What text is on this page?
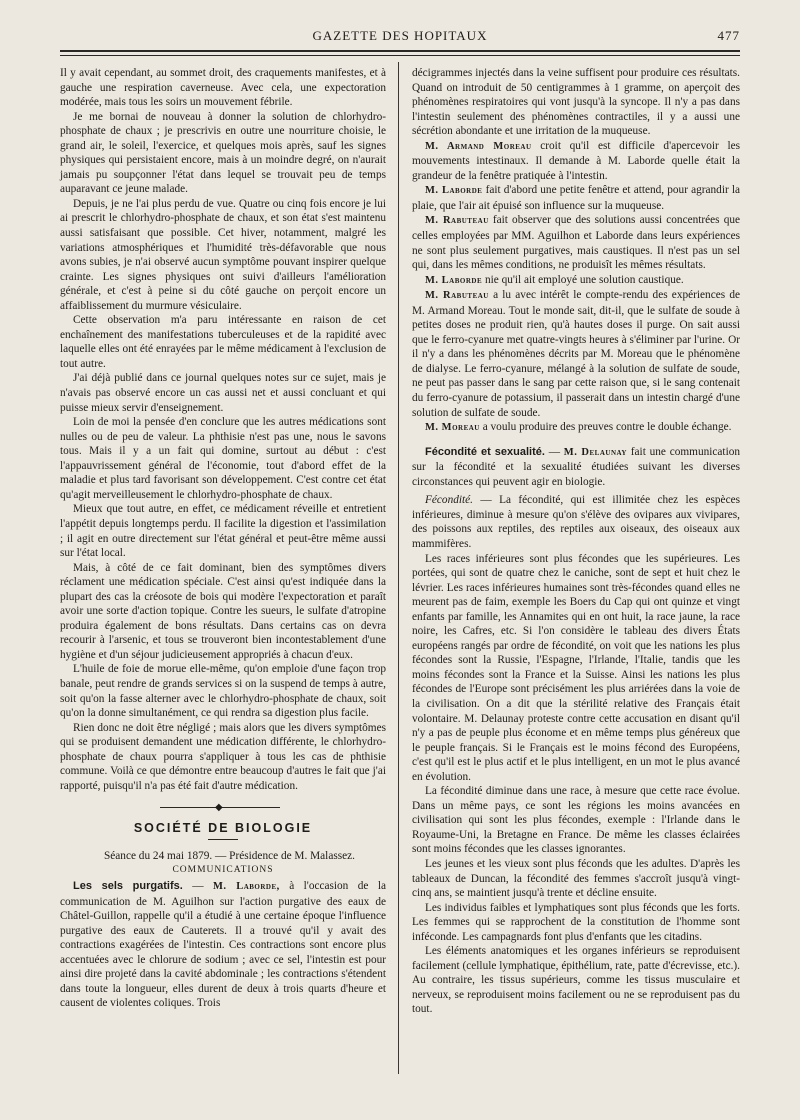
GAZETTE DES HOPITAUX	477

Il y avait cependant, au sommet droit, des craquements manifestes, et à gauche une respiration caverneuse. Avec cela, une expectoration modérée, mais tous les soirs un mouvement fébrile.

Je me bornai de nouveau à donner la solution de chlorhydro-phosphate de chaux ; je prescrivis en outre une nourriture choisie, le grand air, le soleil, l'exercice, et quelques mois après, sauf les signes physiques qui persistaient encore, mais à un moindre degré, on n'aurait jamais pu soupçonner l'état dans lequel se trouvait peu de temps auparavant ce jeune malade.

Depuis, je ne l'ai plus perdu de vue. Quatre ou cinq fois encore je lui ai prescrit le chlorhydro-phosphate de chaux, et son état s'est maintenu aussi satisfaisant que possible. Cet hiver, notamment, malgré les variations atmosphériques et l'humidité très-défavorable que nous avons subies, je n'ai observé aucun symptôme pouvant inspirer quelque crainte. Les signes physiques ont suivi d'ailleurs l'amélioration générale, et c'est à peine si du côté gauche on perçoit encore un affaiblissement du murmure vésiculaire.

Cette observation m'a paru intéressante en raison de cet enchaînement des manifestations tuberculeuses et de la rapidité avec laquelle elles ont été enrayées par le même médicament à l'exclusion de tout autre.

J'ai déjà publié dans ce journal quelques notes sur ce sujet, mais je n'avais pas observé encore un cas aussi net et aussi concluant et qui puisse mieux servir d'enseignement.

Loin de moi la pensée d'en conclure que les autres médications sont nulles ou de peu de valeur. La phthisie n'est pas une, nous le savons tous. Mais il y a un fait qui domine, surtout au début : c'est l'appauvrissement général de l'économie, tout d'abord effet de la maladie et plus tard favorisant son développement. C'est contre cet état qu'agit merveilleusement le chlorhydro-phosphate de chaux.

Mieux que tout autre, en effet, ce médicament réveille et entretient l'appétit depuis longtemps perdu. Il facilite la digestion et l'assimilation ; il agit en outre directement sur l'état général et peut-être même aussi sur l'état local.

Mais, à côté de ce fait dominant, bien des symptômes divers réclament une médication spéciale. C'est ainsi qu'est indiquée dans la plupart des cas la créosote de bois qui modère l'expectoration et paraît avoir une sorte d'action topique. Contre les sueurs, le sulfate d'atropine produira également de bons résultats. Dans certains cas on devra recourir à l'arsenic, et tous se trouveront bien incontestablement d'une hygiène et d'un séjour judicieusement appropriés à chacun d'eux.

L'huile de foie de morue elle-même, qu'on emploie d'une façon trop banale, peut rendre de grands services si on la suspend de temps à autre, soit qu'on la fasse alterner avec le chlorhydro-phosphate de chaux, soit qu'on la donne simultanément, ce qui rendra sa digestion plus facile.

Rien donc ne doit être négligé ; mais alors que les divers symptômes qui se produisent demandent une médication différente, le chlorhydro-phosphate de chaux pourra s'appliquer à tous les cas de phthisie commune. Voilà ce que démontre entre beaucoup d'autres le fait que j'ai rapporté, puisqu'il n'a pas été fait d'autre médication.

◆
SOCIÉTÉ DE BIOLOGIE

Séance du 24 mai 1879. — Présidence de M. Malassez.

COMMUNICATIONS

Les sels purgatifs. — M. Laborde, à l'occasion de la communication de M. Aguilhon sur l'action purgative des eaux de Châtel-Guillon, rappelle qu'il a étudié à une certaine époque l'influence purgative des eaux de Cauterets. Il a trouvé qu'il y avait des contractions exagérées de l'intestin. Ces contractions sont encore plus accentuées avec le chlorure de sodium ; avec ce sel, l'intestin est pour ainsi dire projeté dans la cavité abdominale ; les contractions s'étendent dans toute la longueur, elles durent de deux à trois quarts d'heure et causent de violentes coliques. Trois

décigrammes injectés dans la veine suffisent pour produire ces résultats. Quand on introduit de 50 centigrammes à 1 gramme, on aperçoit des phénomènes respiratoires qui vont jusqu'à la syncope. Il n'y a pas dans l'intestin seulement des phénomènes contractiles, il y a aussi une sécrétion abondante et une irritation de la muqueuse.

M. Armand Moreau croit qu'il est difficile d'apercevoir les mouvements intestinaux. Il demande à M. Laborde quelle était la grandeur de la fenêtre pratiquée à l'intestin.

M. Laborde fait d'abord une petite fenêtre et attend, pour agrandir la plaie, que l'air ait épuisé son influence sur la muqueuse.

M. Rabuteau fait observer que des solutions aussi concentrées que celles employées par MM. Aguilhon et Laborde dans leurs expériences ne sont plus seulement purgatives, mais caustiques. Il n'est pas un sel qui, dans les mêmes conditions, ne produisît les mêmes résultats.

M. Laborde nie qu'il ait employé une solution caustique.

M. Rabuteau a lu avec intérêt le compte-rendu des expériences de M. Armand Moreau. Tout le monde sait, dit-il, que le sulfate de soude à petites doses ne produit rien, qu'à hautes doses il purge. On sait aussi que le ferro-cyanure met quatre-vingts heures à s'éliminer par l'urine. Or il n'y a dans les phénomènes décrits par M. Moreau que le phénomène de dialyse. Le ferro-cyanure, mélangé à la solution de sulfate de soude, ne peut pas passer dans le sang par cette raison que, si le sang contenait du ferro-cyanure de potassium, il passerait dans un intestin chargé d'une solution de sulfate de soude.

M. Moreau a voulu produire des preuves contre le double échange.

Fécondité et sexualité. — M. Delaunay fait une communication sur la fécondité et la sexualité étudiées suivant les diverses circonstances qui peuvent agir en biologie.

Fécondité. — La fécondité, qui est illimitée chez les espèces inférieures, diminue à mesure qu'on s'élève des ovipares aux vivipares, des poissons aux reptiles, des reptiles aux oiseaux, des oiseaux aux mammifères.

Les races inférieures sont plus fécondes que les supérieures. Les portées, qui sont de quatre chez le caniche, sont de sept et huit chez le lévrier. Les races inférieures humaines sont très-fécondes quand elles ne meurent pas de faim, exemple les Boers du Cap qui ont quinze et vingt enfants par famille, les Annamites qui en ont huit, la race jaune, la race noire, les Cafres, etc. Si l'on considère le tableau des divers États européens rangés par ordre de fécondité, on voit que les nations les plus fécondes sont la Russie, l'Espagne, l'Irlande, l'Italie, tandis que les moins fécondes sont la France et la Suisse. Ainsi les nations les plus fécondes de l'Europe sont précisément les plus arriérées dans la voie de la civilisation. On a dit que la stérilité relative des Français était volontaire. M. Delaunay proteste contre cette accusation en disant qu'il n'y a pas de peuple plus économe et en même temps plus généreux que le peuple français. Si le Français est le moins fécond des Européens, c'est qu'il est le plus actif et le plus intelligent, en un mot le plus avancé en évolution.

La fécondité diminue dans une race, à mesure que cette race évolue. Dans un même pays, ce sont les régions les moins avancées en civilisation qui sont les plus fécondes, exemple : l'Irlande dans le Royaume-Uni, la Bretagne en France. De même les classes éclairées sont moins fécondes que les classes ignorantes.

Les jeunes et les vieux sont plus féconds que les adultes. D'après les tableaux de Duncan, la fécondité des femmes s'accroît jusqu'à vingt-cinq ans, se maintient jusqu'à trente et décline ensuite.

Les individus faibles et lymphatiques sont plus féconds que les forts. Les femmes qui se rapprochent de la constitution de l'homme sont inféconde. Les campagnards font plus d'enfants que les citadins.

Les éléments anatomiques et les organes inférieurs se reproduisent facilement (cellule lymphatique, épithélium, rate, patte d'écrevisse, etc.). Au contraire, les tissus supérieurs, comme les tissus musculaire et nerveux, se reproduisent moins facilement ou ne se reproduisent pas du tout.
